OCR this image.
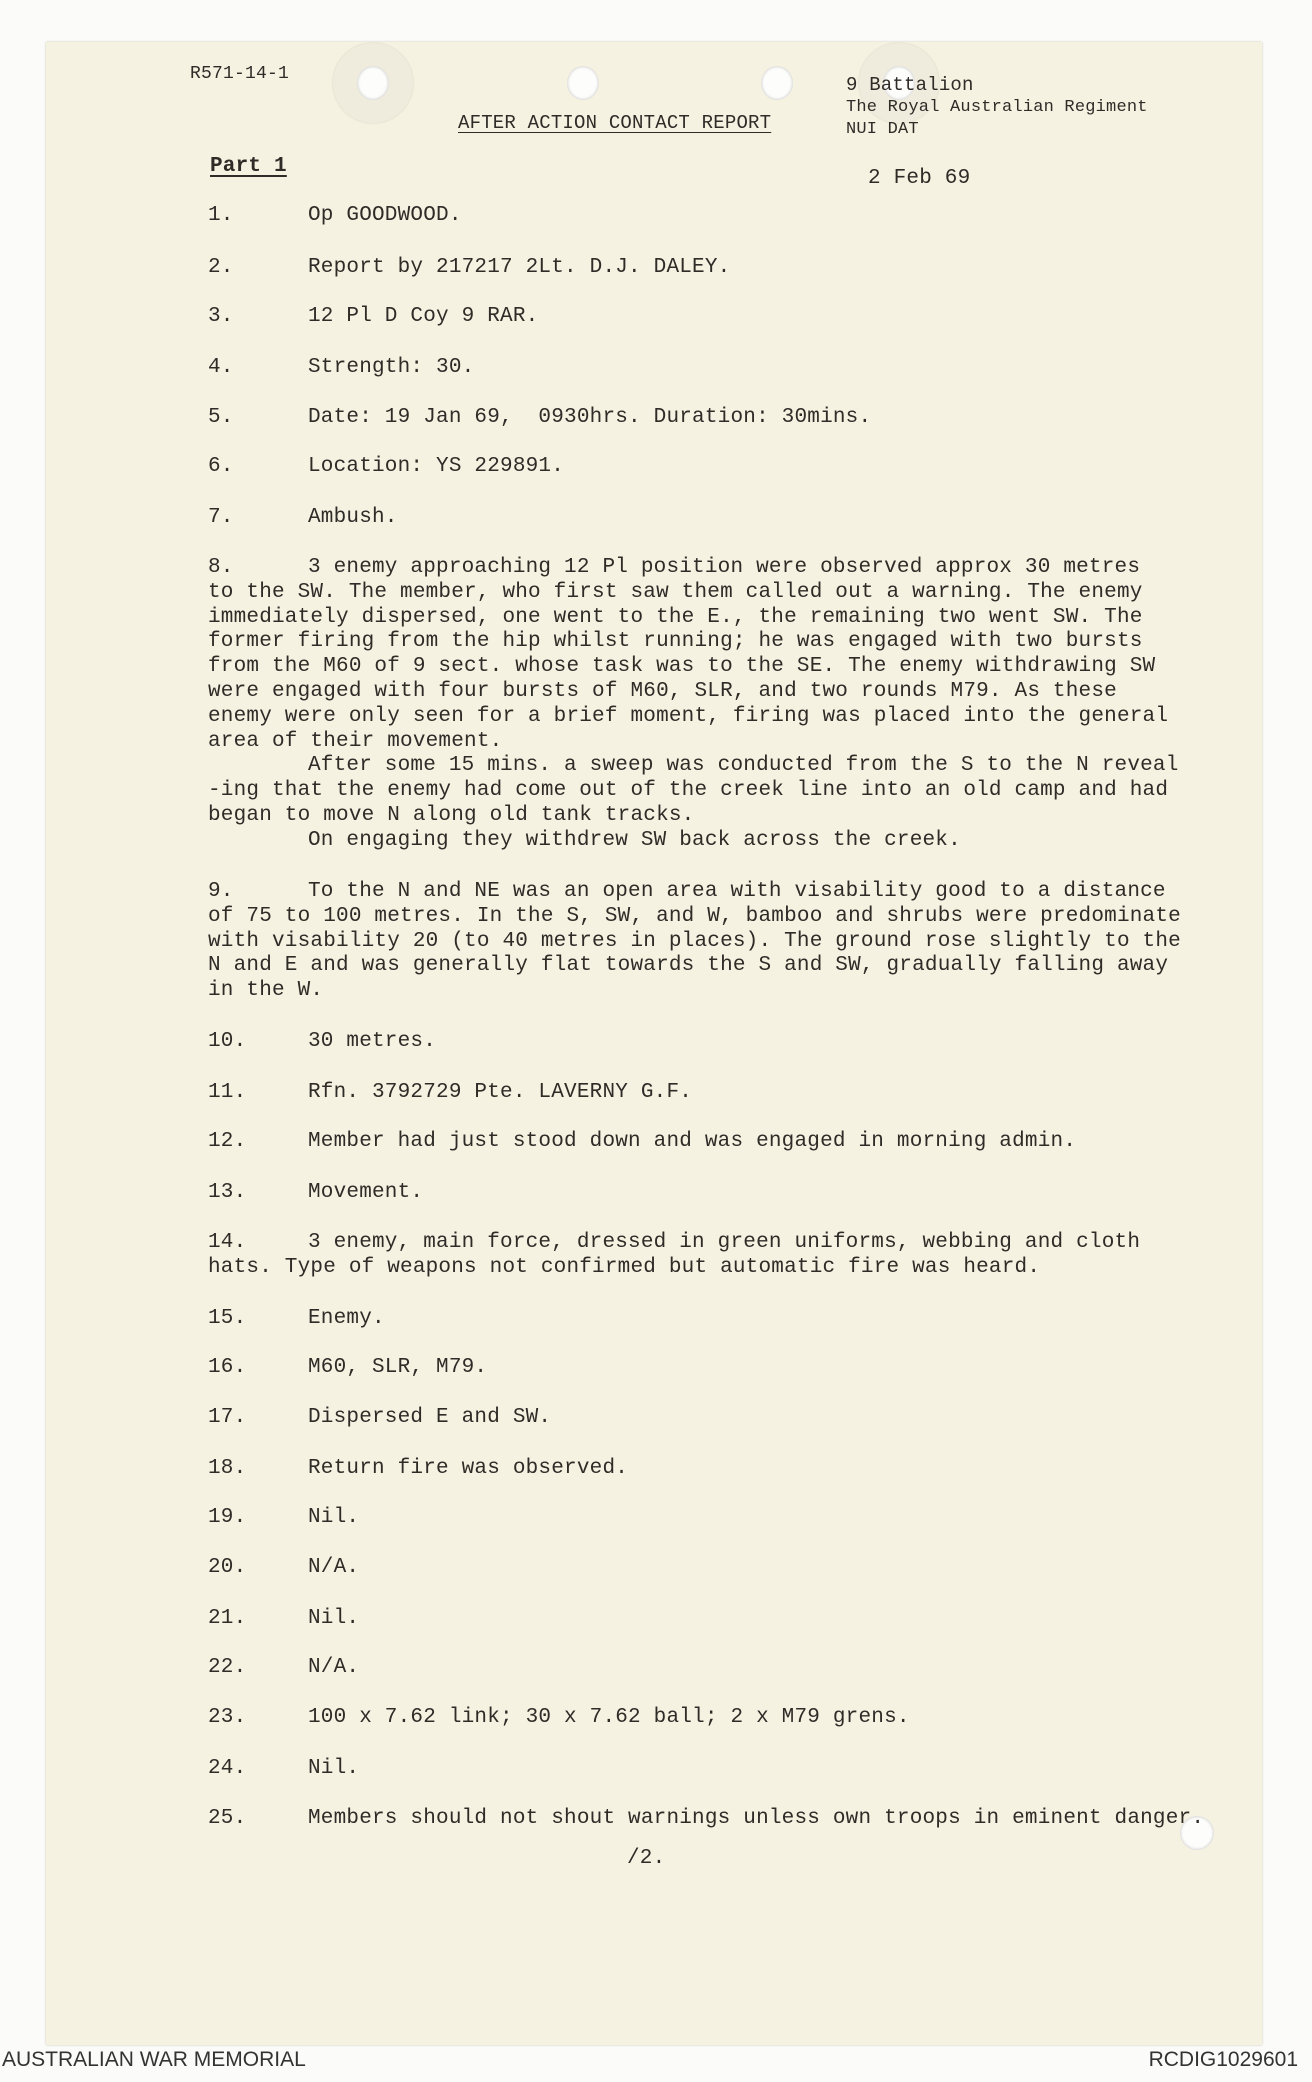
R571-14-1
AFTER ACTION CONTACT REPORT
9 Battalion
The Royal Australian Regiment
NUI DAT
Part 1
2 Feb 69
1.	Op GOODWOOD.
2.	Report by 217217 2Lt. D.J. DALEY.
3.	12 Pl D Coy 9 RAR.
4.	Strength: 30.
5.	Date: 19 Jan 69,  0930hrs. Duration: 30mins.
6.	Location: YS 229891.
7.	Ambush.
8.	3 enemy approaching 12 Pl position were observed approx 30 metres
to the SW. The member, who first saw them called out a warning. The enemy
immediately dispersed, one went to the E., the remaining two went SW. The
former firing from the hip whilst running; he was engaged with two bursts
from the M60 of 9 sect. whose task was to the SE. The enemy withdrawing SW
were engaged with four bursts of M60, SLR, and two rounds M79. As these
enemy were only seen for a brief moment, firing was placed into the general
area of their movement.
After some 15 mins. a sweep was conducted from the S to the N reveal
-ing that the enemy had come out of the creek line into an old camp and had
began to move N along old tank tracks.
On engaging they withdrew SW back across the creek.
9.	To the N and NE was an open area with visability good to a distance
of 75 to 100 metres. In the S, SW, and W, bamboo and shrubs were predominate
with visability 20 (to 40 metres in places). The ground rose slightly to the
N and E and was generally flat towards the S and SW, gradually falling away
in the W.
10.	30 metres.
11.	Rfn. 3792729 Pte. LAVERNY G.F.
12.	Member had just stood down and was engaged in morning admin.
13.	Movement.
14.	3 enemy, main force, dressed in green uniforms, webbing and cloth
hats. Type of weapons not confirmed but automatic fire was heard.
15.	Enemy.
16.	M60, SLR, M79.
17.	Dispersed E and SW.
18.	Return fire was observed.
19.	Nil.
20.	N/A.
21.	Nil.
22.	N/A.
23.	100 x 7.62 link; 30 x 7.62 ball; 2 x M79 grens.
24.	Nil.
25.	Members should not shout warnings unless own troops in eminent danger.
/2.
AUSTRALIAN WAR MEMORIAL	RCDIG1029601
